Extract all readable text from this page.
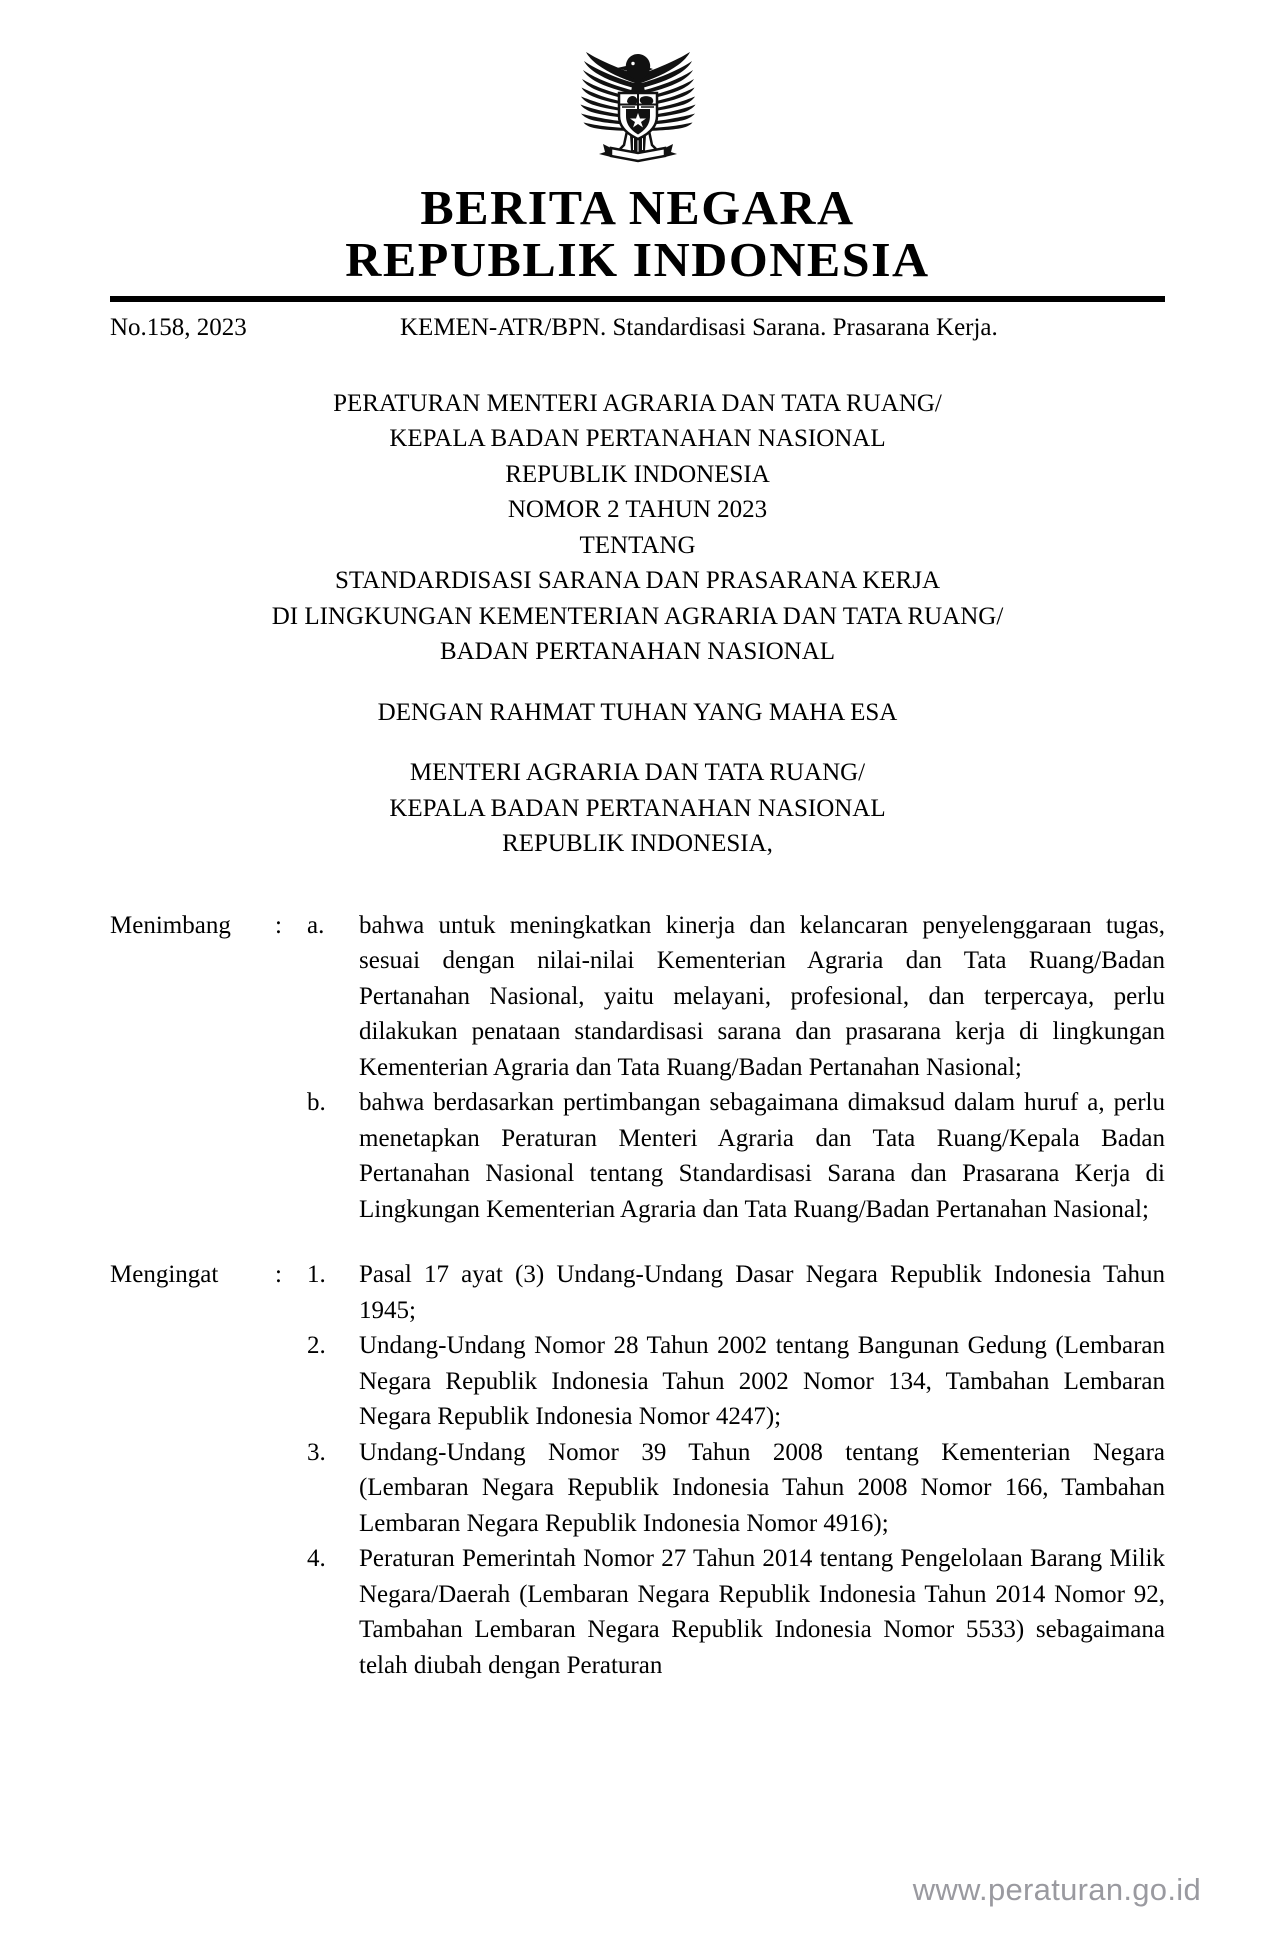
BERITA NEGARA
REPUBLIK INDONESIA
No.158, 2023	KEMEN-ATR/BPN. Standardisasi Sarana. Prasarana Kerja.
PERATURAN MENTERI AGRARIA DAN TATA RUANG/
KEPALA BADAN PERTANAHAN NASIONAL
REPUBLIK INDONESIA
NOMOR 2 TAHUN 2023
TENTANG
STANDARDISASI SARANA DAN PRASARANA KERJA
DI LINGKUNGAN KEMENTERIAN AGRARIA DAN TATA RUANG/
BADAN PERTANAHAN NASIONAL
DENGAN RAHMAT TUHAN YANG MAHA ESA
MENTERI AGRARIA DAN TATA RUANG/
KEPALA BADAN PERTANAHAN NASIONAL
REPUBLIK INDONESIA,
Menimbang	:	a.	bahwa untuk meningkatkan kinerja dan kelancaran penyelenggaraan tugas, sesuai dengan nilai-nilai Kementerian Agraria dan Tata Ruang/Badan Pertanahan Nasional, yaitu melayani, profesional, dan terpercaya, perlu dilakukan penataan standardisasi sarana dan prasarana kerja di lingkungan Kementerian Agraria dan Tata Ruang/Badan Pertanahan Nasional;
b.	bahwa berdasarkan pertimbangan sebagaimana dimaksud dalam huruf a, perlu menetapkan Peraturan Menteri Agraria dan Tata Ruang/Kepala Badan Pertanahan Nasional tentang Standardisasi Sarana dan Prasarana Kerja di Lingkungan Kementerian Agraria dan Tata Ruang/Badan Pertanahan Nasional;
Mengingat	:	1.	Pasal 17 ayat (3) Undang-Undang Dasar Negara Republik Indonesia Tahun 1945;
2.	Undang-Undang Nomor 28 Tahun 2002 tentang Bangunan Gedung (Lembaran Negara Republik Indonesia Tahun 2002 Nomor 134, Tambahan Lembaran Negara Republik Indonesia Nomor 4247);
3.	Undang-Undang Nomor 39 Tahun 2008 tentang Kementerian Negara (Lembaran Negara Republik Indonesia Tahun 2008 Nomor 166, Tambahan Lembaran Negara Republik Indonesia Nomor 4916);
4.	Peraturan Pemerintah Nomor 27 Tahun 2014 tentang Pengelolaan Barang Milik Negara/Daerah (Lembaran Negara Republik Indonesia Tahun 2014 Nomor 92, Tambahan Lembaran Negara Republik Indonesia Nomor 5533) sebagaimana telah diubah dengan Peraturan
www.peraturan.go.id
